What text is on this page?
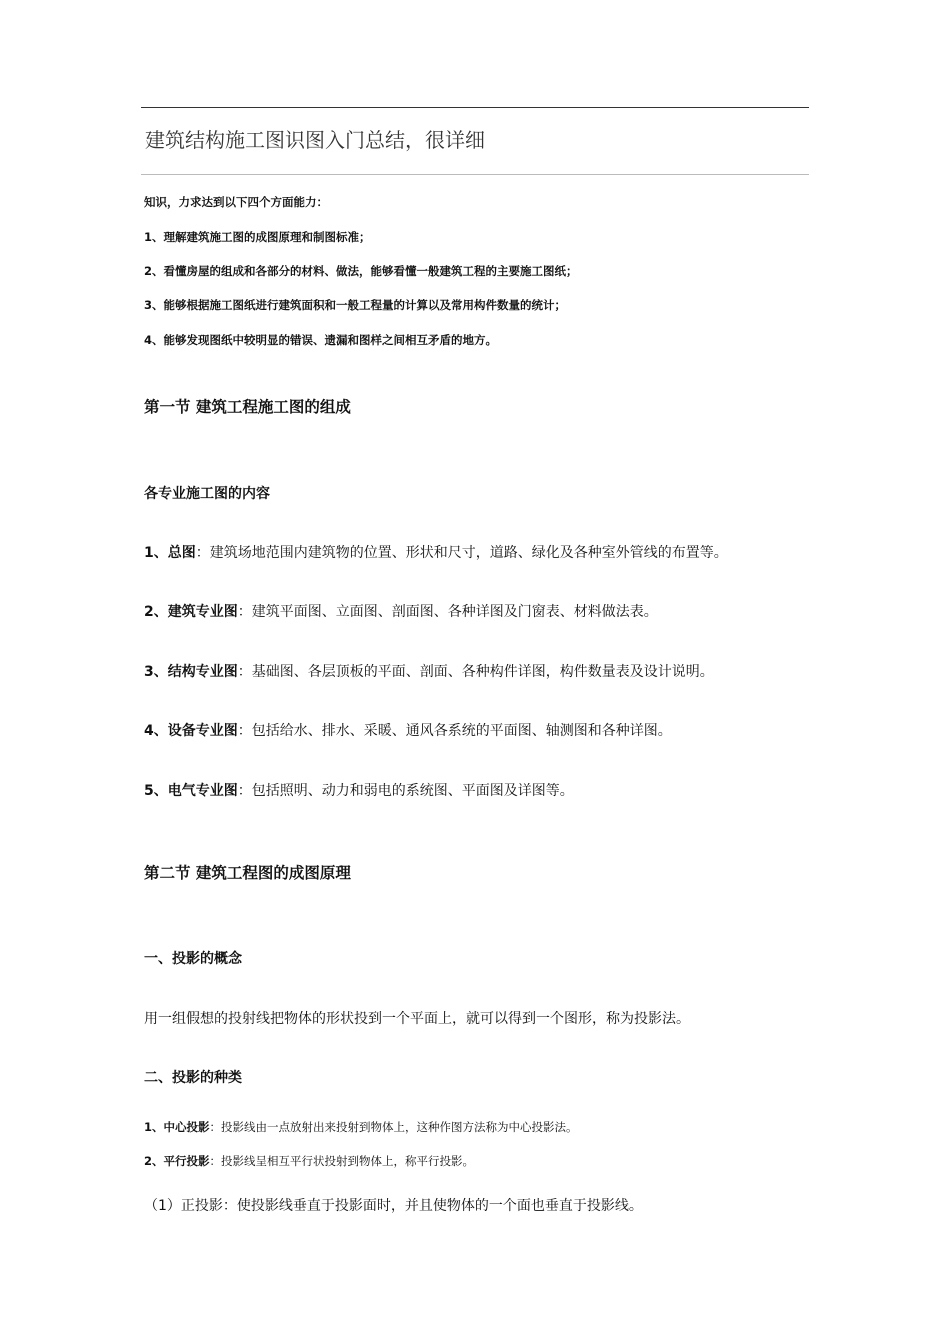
建筑结构施工图识图入门总结，很详细
知识，力求达到以下四个方面能力：
1、理解建筑施工图的成图原理和制图标准；
2、看懂房屋的组成和各部分的材料、做法，能够看懂一般建筑工程的主要施工图纸；
3、能够根据施工图纸进行建筑面积和一般工程量的计算以及常用构件数量的统计；
4、能够发现图纸中较明显的错误、遗漏和图样之间相互矛盾的地方。
第一节 建筑工程施工图的组成
各专业施工图的内容
1、总图：建筑场地范围内建筑物的位置、形状和尺寸，道路、绿化及各种室外管线的布置等。
2、建筑专业图：建筑平面图、立面图、剖面图、各种详图及门窗表、材料做法表。
3、结构专业图：基础图、各层顶板的平面、剖面、各种构件详图，构件数量表及设计说明。
4、设备专业图：包括给水、排水、采暖、通风各系统的平面图、轴测图和各种详图。
5、电气专业图：包括照明、动力和弱电的系统图、平面图及详图等。
第二节 建筑工程图的成图原理
一、投影的概念
用一组假想的投射线把物体的形状投到一个平面上，就可以得到一个图形，称为投影法。
二、投影的种类
1、中心投影：投影线由一点放射出来投射到物体上，这种作图方法称为中心投影法。
2、平行投影：投影线呈相互平行状投射到物体上，称平行投影。
（1）正投影：使投影线垂直于投影面时，并且使物体的一个面也垂直于投影线。
